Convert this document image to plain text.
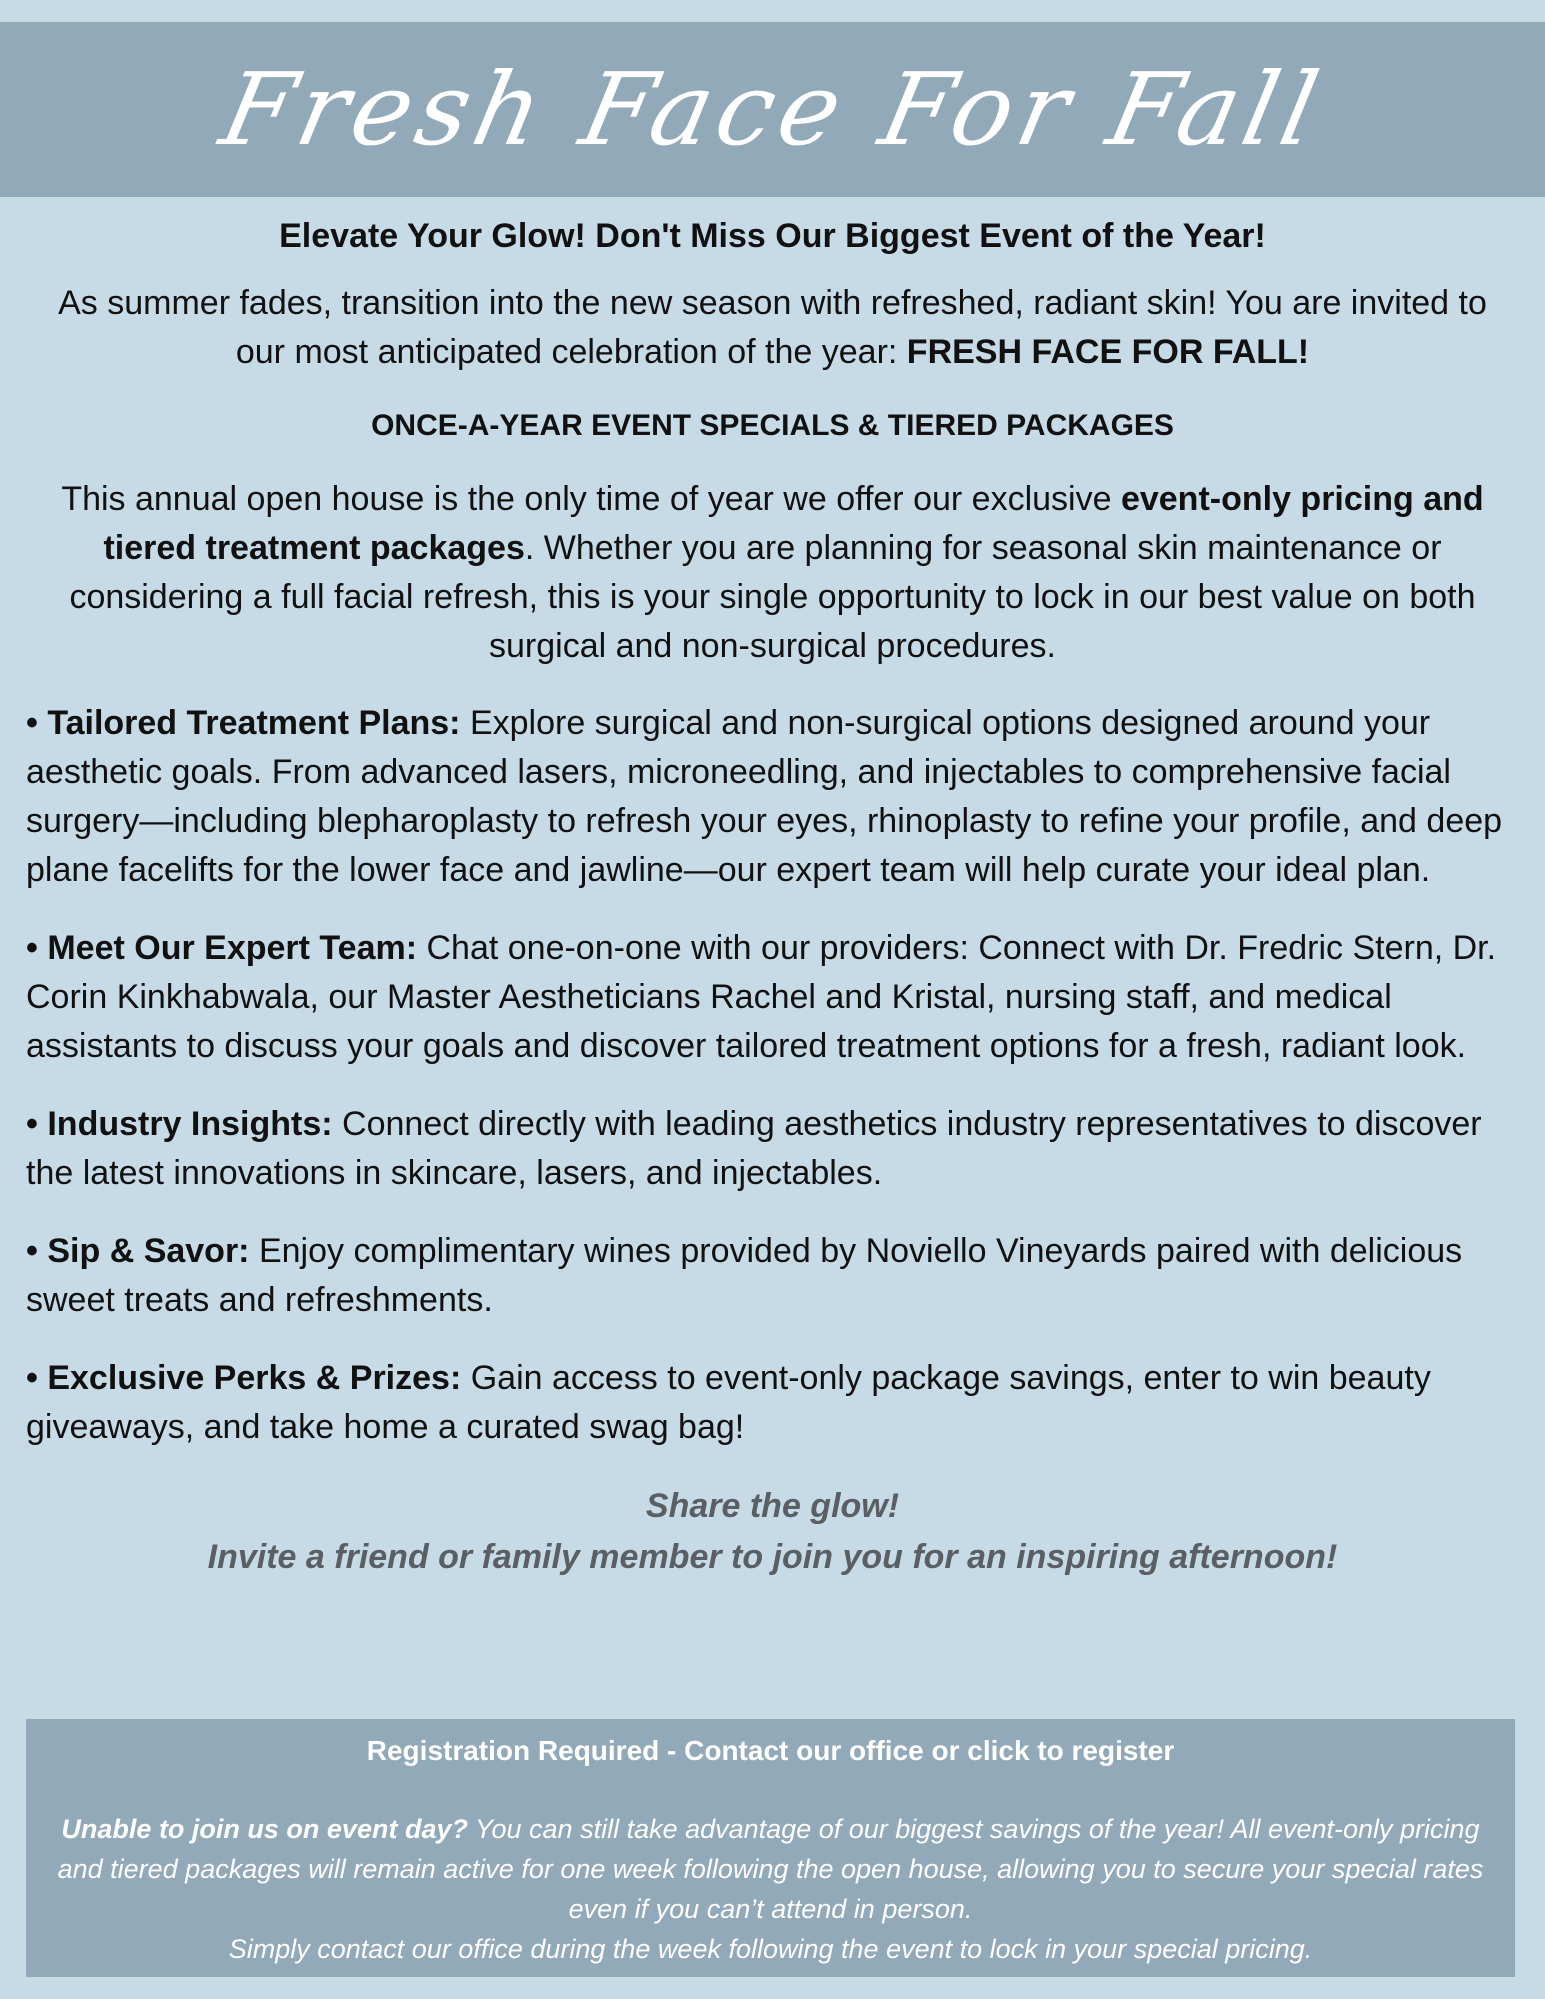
Fresh Face For Fall
Elevate Your Glow! Don't Miss Our Biggest Event of the Year!
As summer fades, transition into the new season with refreshed, radiant skin! You are invited to our most anticipated celebration of the year: FRESH FACE FOR FALL!
ONCE-A-YEAR EVENT SPECIALS & TIERED PACKAGES
This annual open house is the only time of year we offer our exclusive event-only pricing and tiered treatment packages. Whether you are planning for seasonal skin maintenance or considering a full facial refresh, this is your single opportunity to lock in our best value on both surgical and non-surgical procedures.
• Tailored Treatment Plans: Explore surgical and non-surgical options designed around your aesthetic goals. From advanced lasers, microneedling, and injectables to comprehensive facial surgery—including blepharoplasty to refresh your eyes, rhinoplasty to refine your profile, and deep plane facelifts for the lower face and jawline—our expert team will help curate your ideal plan.
• Meet Our Expert Team: Chat one-on-one with our providers: Connect with Dr. Fredric Stern, Dr. Corin Kinkhabwala, our Master Aestheticians Rachel and Kristal, nursing staff, and medical assistants to discuss your goals and discover tailored treatment options for a fresh, radiant look.
• Industry Insights: Connect directly with leading aesthetics industry representatives to discover the latest innovations in skincare, lasers, and injectables.
• Sip & Savor: Enjoy complimentary wines provided by Noviello Vineyards paired with delicious sweet treats and refreshments.
• Exclusive Perks & Prizes: Gain access to event-only package savings, enter to win beauty giveaways, and take home a curated swag bag!
Share the glow!
Invite a friend or family member to join you for an inspiring afternoon!
Registration Required - Contact our office or click to register
Unable to join us on event day? You can still take advantage of our biggest savings of the year! All event-only pricing and tiered packages will remain active for one week following the open house, allowing you to secure your special rates even if you can’t attend in person.
Simply contact our office during the week following the event to lock in your special pricing.
